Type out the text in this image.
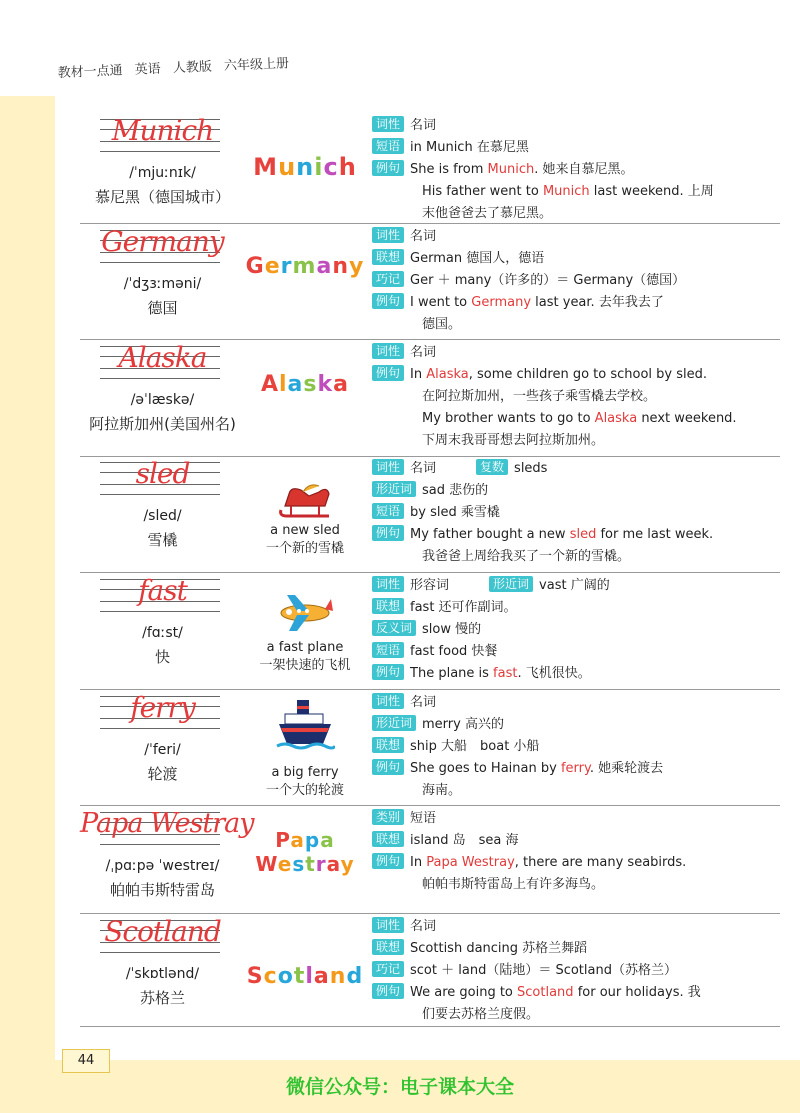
教材一点通 英语 人教版 六年级上册
Munich
/ˈmjuːnɪk/
慕尼黑（德国城市）
Munich
词性 名词
短语 in Munich 在慕尼黑
例句 She is from Munich. 她来自慕尼黑。
His father went to Munich last weekend. 上周
末他爸爸去了慕尼黑。
Germany
/ˈdʒɜːməni/
德国
Germany
词性 名词
联想 German 德国人，德语
巧记 Ger ＋ many（许多的）＝ Germany（德国）
例句 I went to Germany last year. 去年我去了
德国。
Alaska
/əˈlæskə/
阿拉斯加州(美国州名)
Alaska
词性 名词
例句 In Alaska, some children go to school by sled.
在阿拉斯加州，一些孩子乘雪橇去学校。
My brother wants to go to Alaska next weekend.
下周末我哥哥想去阿拉斯加州。
sled
/sled/
雪橇
a new sled
一个新的雪橇
词性 名词	复数 sleds
形近词 sad 悲伤的
短语 by sled 乘雪橇
例句 My father bought a new sled for me last week.
我爸爸上周给我买了一个新的雪橇。
fast
/fɑːst/
快
a fast plane
一架快速的飞机
词性 形容词	形近词 vast 广阔的
联想 fast 还可作副词。
反义词 slow 慢的
短语 fast food 快餐
例句 The plane is fast. 飞机很快。
ferry
/ˈferi/
轮渡	a big ferry
一个大的轮渡
词性 名词
形近词 merry 高兴的
联想 ship 大船　boat 小船
例句 She goes to Hainan by ferry. 她乘轮渡去
海南。
Papa Westray
/ˌpɑːpə ˈwestreɪ/
帕帕韦斯特雷岛
Papa
Westray
类别 短语
联想 island 岛　sea 海
例句 In Papa Westray, there are many seabirds.
帕帕韦斯特雷岛上有许多海鸟。
Scotland
/ˈskɒtlənd/
苏格兰
Scotland
词性 名词
联想 Scottish dancing 苏格兰舞蹈
巧记 scot ＋ land（陆地）＝ Scotland（苏格兰）
例句 We are going to Scotland for our holidays. 我
们要去苏格兰度假。
44
微信公众号：电子课本大全
